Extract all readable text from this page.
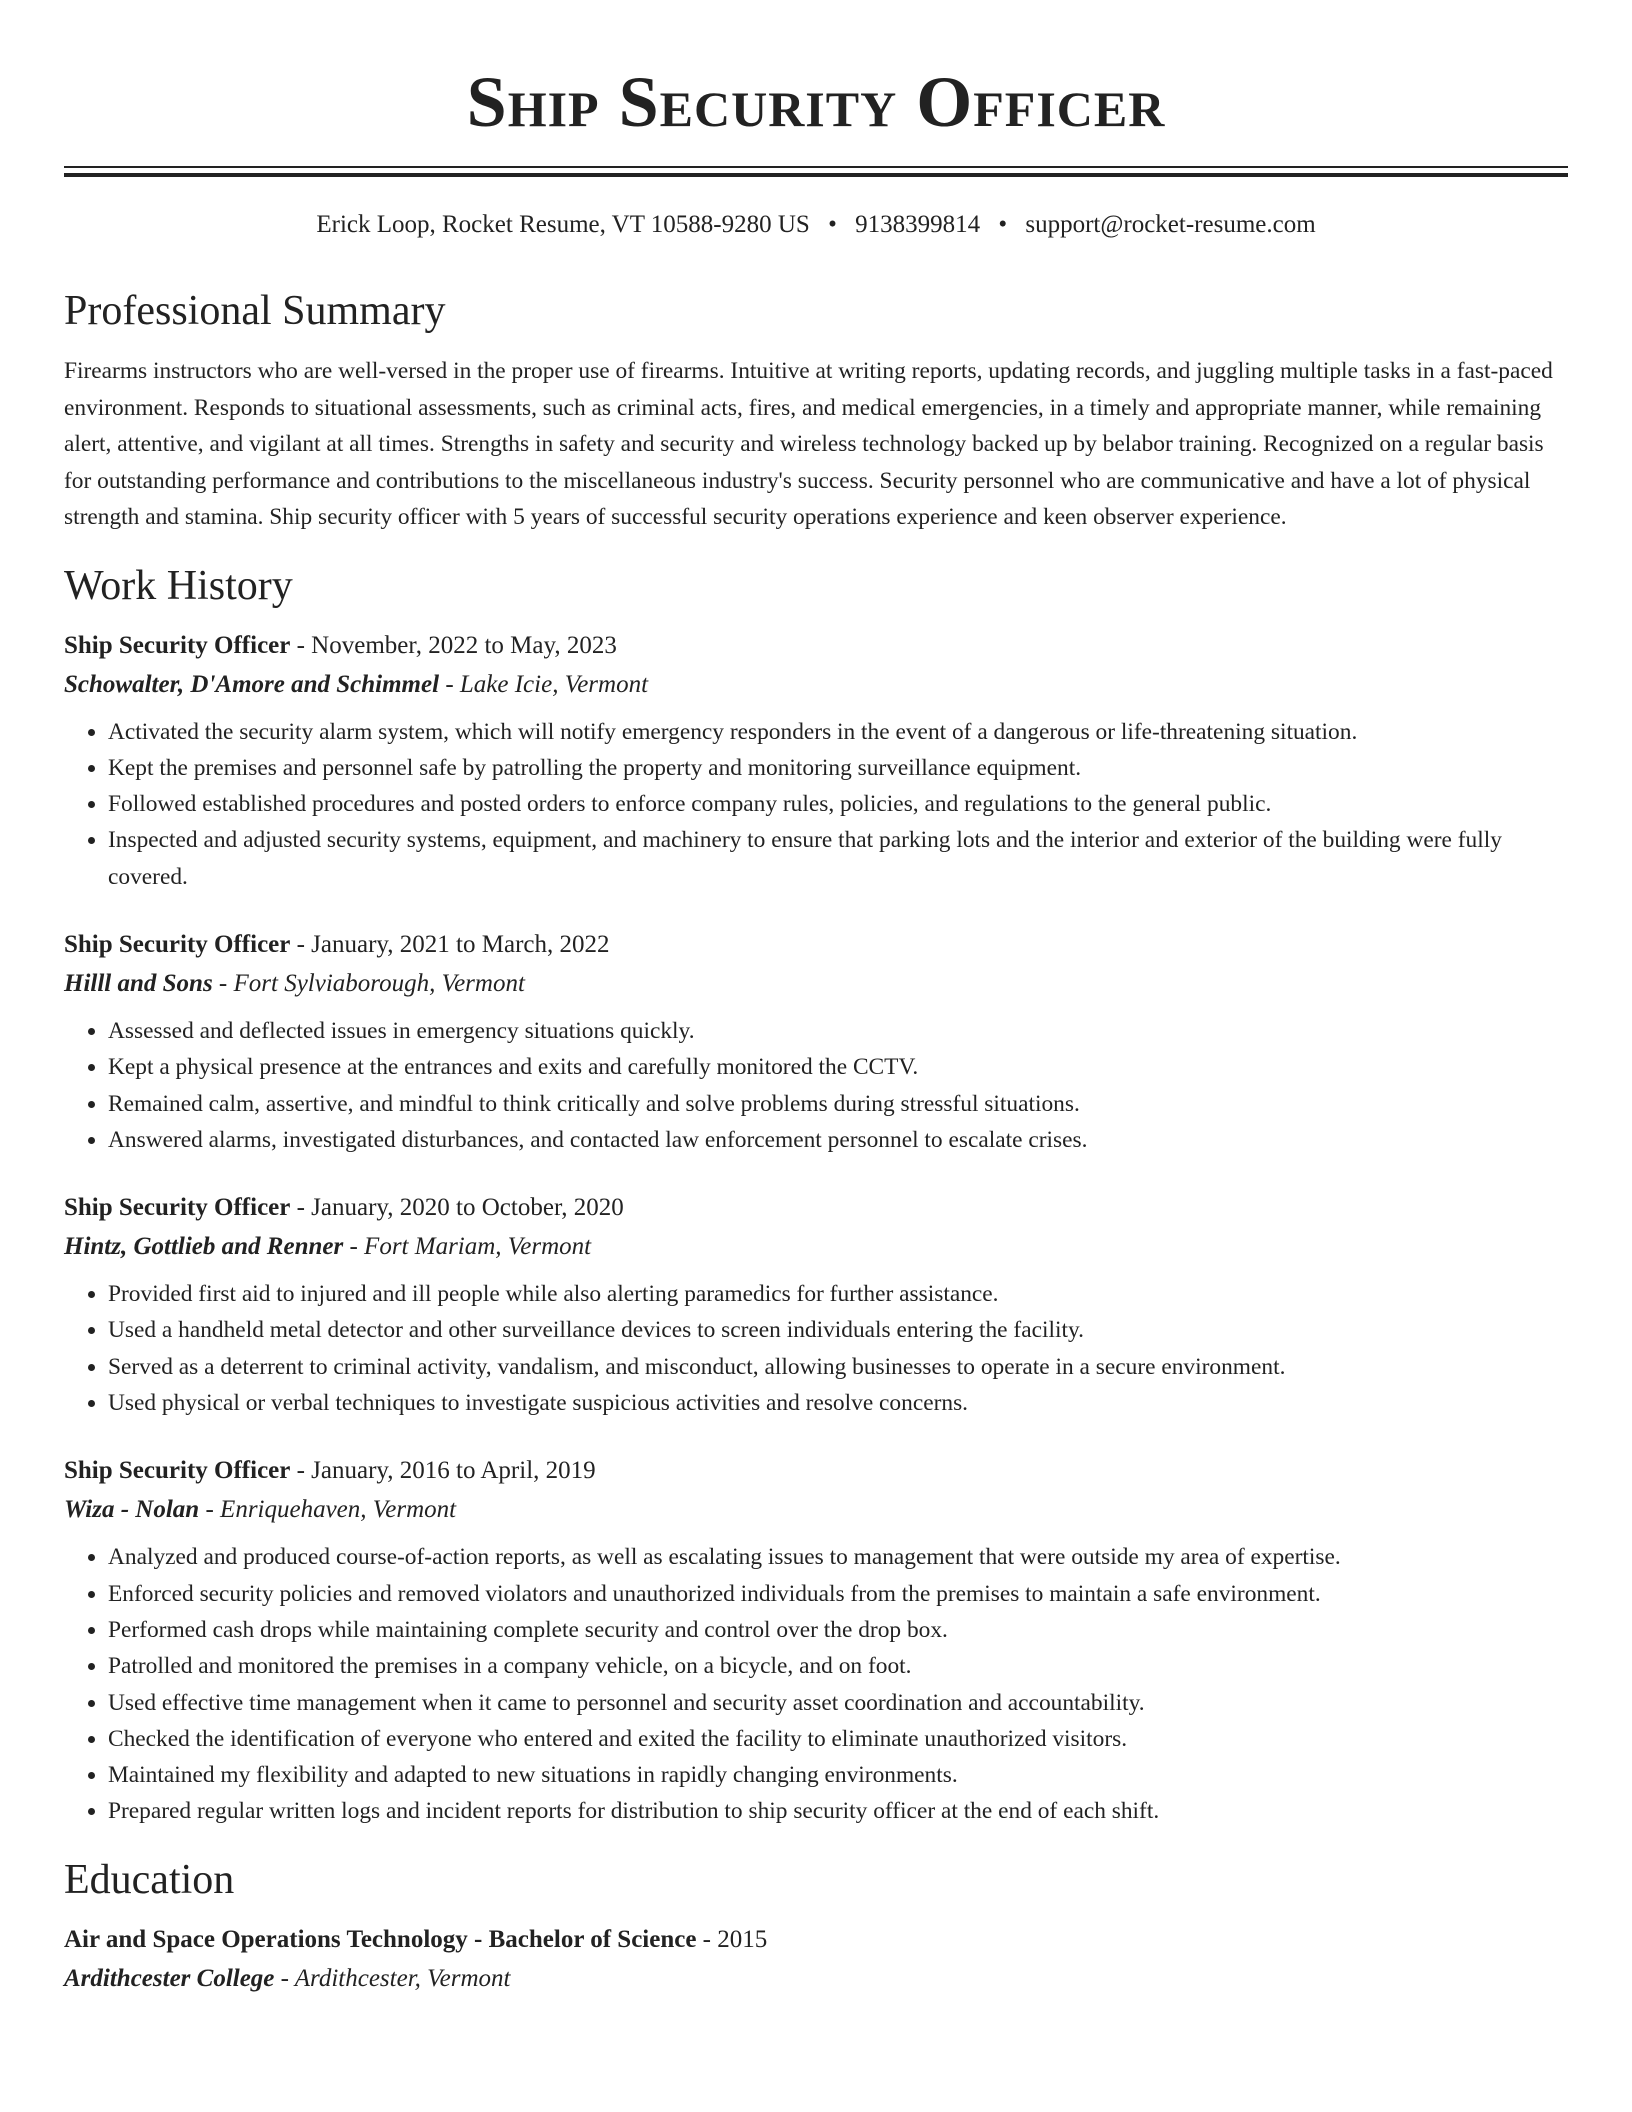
Ship Security Officer
Erick Loop, Rocket Resume, VT 10588-9280 US • 9138399814 • support@rocket-resume.com
Professional Summary

Firearms instructors who are well-versed in the proper use of firearms. Intuitive at writing reports, updating records, and juggling multiple tasks in a fast-paced environment. Responds to situational assessments, such as criminal acts, fires, and medical emergencies, in a timely and appropriate manner, while remaining alert, attentive, and vigilant at all times. Strengths in safety and security and wireless technology backed up by belabor training. Recognized on a regular basis for outstanding performance and contributions to the miscellaneous industry's success. Security personnel who are communicative and have a lot of physical strength and stamina. Ship security officer with 5 years of successful security operations experience and keen observer experience.

Work History
Ship Security Officer - November, 2022 to May, 2023
Schowalter, D'Amore and Schimmel - Lake Icie, Vermont
• Activated the security alarm system, which will notify emergency responders in the event of a dangerous or life-threatening situation.
• Kept the premises and personnel safe by patrolling the property and monitoring surveillance equipment.
• Followed established procedures and posted orders to enforce company rules, policies, and regulations to the general public.
• Inspected and adjusted security systems, equipment, and machinery to ensure that parking lots and the interior and exterior of the building were fully covered.
Ship Security Officer - January, 2021 to March, 2022
Hilll and Sons - Fort Sylviaborough, Vermont
• Assessed and deflected issues in emergency situations quickly.
• Kept a physical presence at the entrances and exits and carefully monitored the CCTV.
• Remained calm, assertive, and mindful to think critically and solve problems during stressful situations.
• Answered alarms, investigated disturbances, and contacted law enforcement personnel to escalate crises.
Ship Security Officer - January, 2020 to October, 2020
Hintz, Gottlieb and Renner - Fort Mariam, Vermont
• Provided first aid to injured and ill people while also alerting paramedics for further assistance.
• Used a handheld metal detector and other surveillance devices to screen individuals entering the facility.
• Served as a deterrent to criminal activity, vandalism, and misconduct, allowing businesses to operate in a secure environment.
• Used physical or verbal techniques to investigate suspicious activities and resolve concerns.
Ship Security Officer - January, 2016 to April, 2019
Wiza - Nolan - Enriquehaven, Vermont
• Analyzed and produced course-of-action reports, as well as escalating issues to management that were outside my area of expertise.
• Enforced security policies and removed violators and unauthorized individuals from the premises to maintain a safe environment.
• Performed cash drops while maintaining complete security and control over the drop box.
• Patrolled and monitored the premises in a company vehicle, on a bicycle, and on foot.
• Used effective time management when it came to personnel and security asset coordination and accountability.
• Checked the identification of everyone who entered and exited the facility to eliminate unauthorized visitors.
• Maintained my flexibility and adapted to new situations in rapidly changing environments.
• Prepared regular written logs and incident reports for distribution to ship security officer at the end of each shift.
Education
Air and Space Operations Technology - Bachelor of Science - 2015
Ardithcester College - Ardithcester, Vermont
